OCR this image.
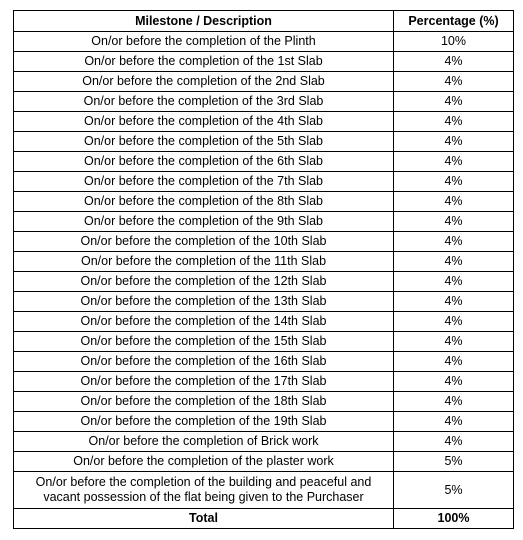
Milestone / Description	Percentage (%)
On/or before the completion of the Plinth	10%
On/or before the completion of the 1st Slab	4%
On/or before the completion of the 2nd Slab	4%
On/or before the completion of the 3rd Slab	4%
On/or before the completion of the 4th Slab	4%
On/or before the completion of the 5th Slab	4%
On/or before the completion of the 6th Slab	4%
On/or before the completion of the 7th Slab	4%
On/or before the completion of the 8th Slab	4%
On/or before the completion of the 9th Slab	4%
On/or before the completion of the 10th Slab	4%
On/or before the completion of the 11th Slab	4%
On/or before the completion of the 12th Slab	4%
On/or before the completion of the 13th Slab	4%
On/or before the completion of the 14th Slab	4%
On/or before the completion of the 15th Slab	4%
On/or before the completion of the 16th Slab	4%
On/or before the completion of the 17th Slab	4%
On/or before the completion of the 18th Slab	4%
On/or before the completion of the 19th Slab	4%
On/or before the completion of Brick work	4%
On/or before the completion of the plaster work	5%
On/or before the completion of the building and peaceful and vacant possession of the flat being given to the Purchaser	5%
Total	100%
